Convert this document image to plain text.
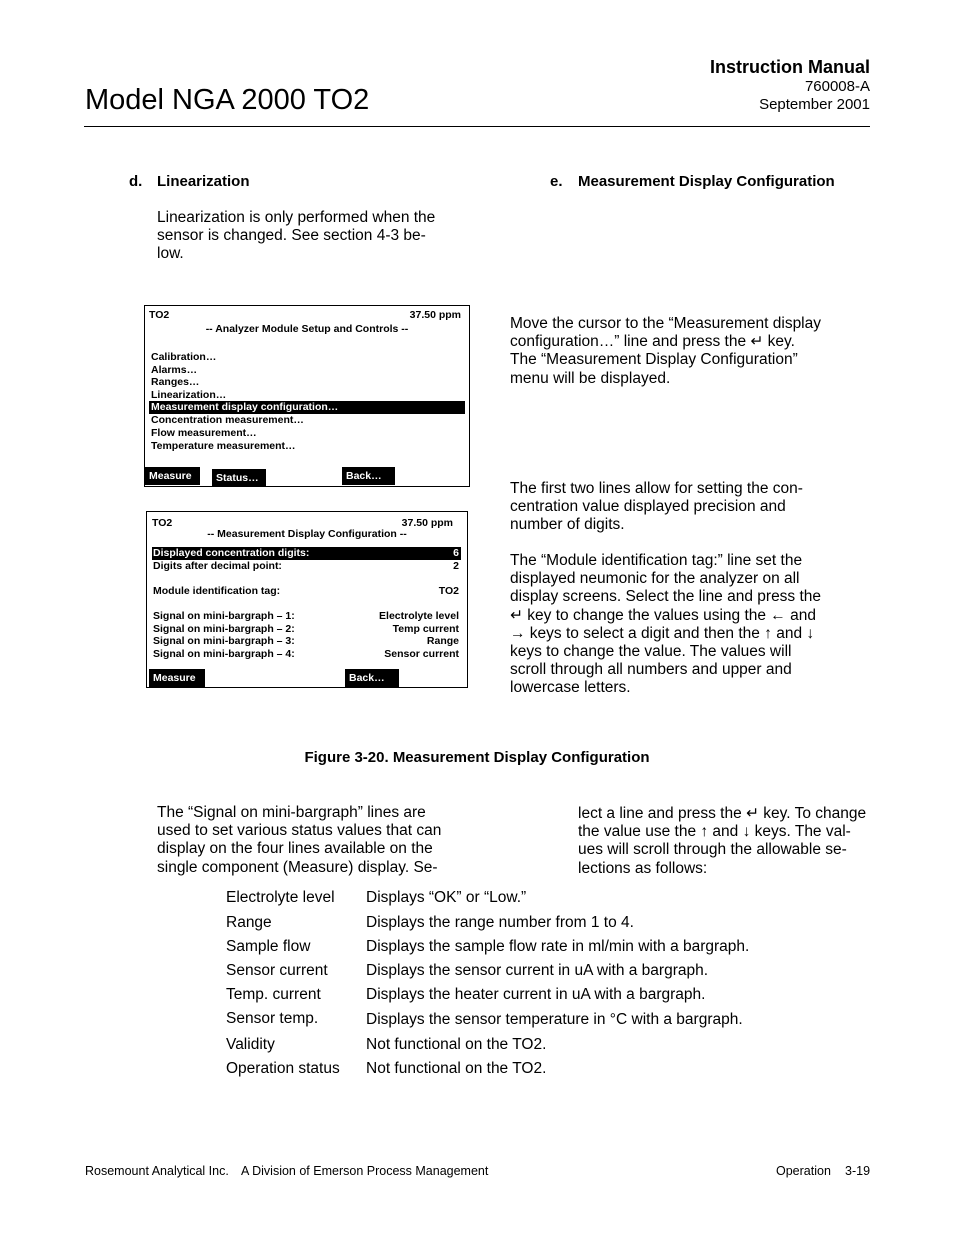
Model NGA 2000 TO2
Instruction Manual
760008-A
September 2001
d. Linearization
Linearization is only performed when the
sensor is changed. See section 4-3 be-
low.
e. Measurement Display Configuration
Move the cursor to the “Measurement display
configuration…” line and press the ↵ key.
The “Measurement Display Configuration”
menu will be displayed.
The first two lines allow for setting the con-
centration value displayed precision and
number of digits.
The “Module identification tag:” line set the
displayed neumonic for the analyzer on all
display screens. Select the line and press the
↵ key to change the values using the ← and
→ keys to select a digit and then the ↑ and ↓
keys to change the value. The values will
scroll through all numbers and upper and
lowercase letters.
TO2	37.50 ppm
-- Analyzer Module Setup and Controls --
Calibration…
Alarms…
Ranges…
Linearization…
Measurement display configuration…
Concentration measurement…
Flow measurement…
Temperature measurement…
Measure	Status…	Back…
TO2	37.50 ppm
-- Measurement Display Configuration --
Displayed concentration digits:	6
Digits after decimal point:	2
Module identification tag:	TO2
Signal on mini-bargraph – 1:	Electrolyte level
Signal on mini-bargraph – 2:	Temp current
Signal on mini-bargraph – 3:	Range
Signal on mini-bargraph – 4:	Sensor current
Measure	Back…
Figure 3-20. Measurement Display Configuration
The “Signal on mini-bargraph” lines are
used to set various status values that can
display on the four lines available on the
single component (Measure) display. Se-
lect a line and press the ↵ key. To change
the value use the ↑ and ↓ keys. The val-
ues will scroll through the allowable se-
lections as follows:
Electrolyte level Displays “OK” or “Low.”
Range	Displays the range number from 1 to 4.
Sample flow	Displays the sample flow rate in ml/min with a bargraph.
Sensor current Displays the sensor current in uA with a bargraph.
Temp. current	Displays the heater current in uA with a bargraph.
Sensor temp.	Displays the sensor temperature in °C with a bargraph.
Validity	Not functional on the TO2.
Operation status Not functional on the TO2.
Rosemount Analytical Inc. A Division of Emerson Process Management	Operation 3-19
